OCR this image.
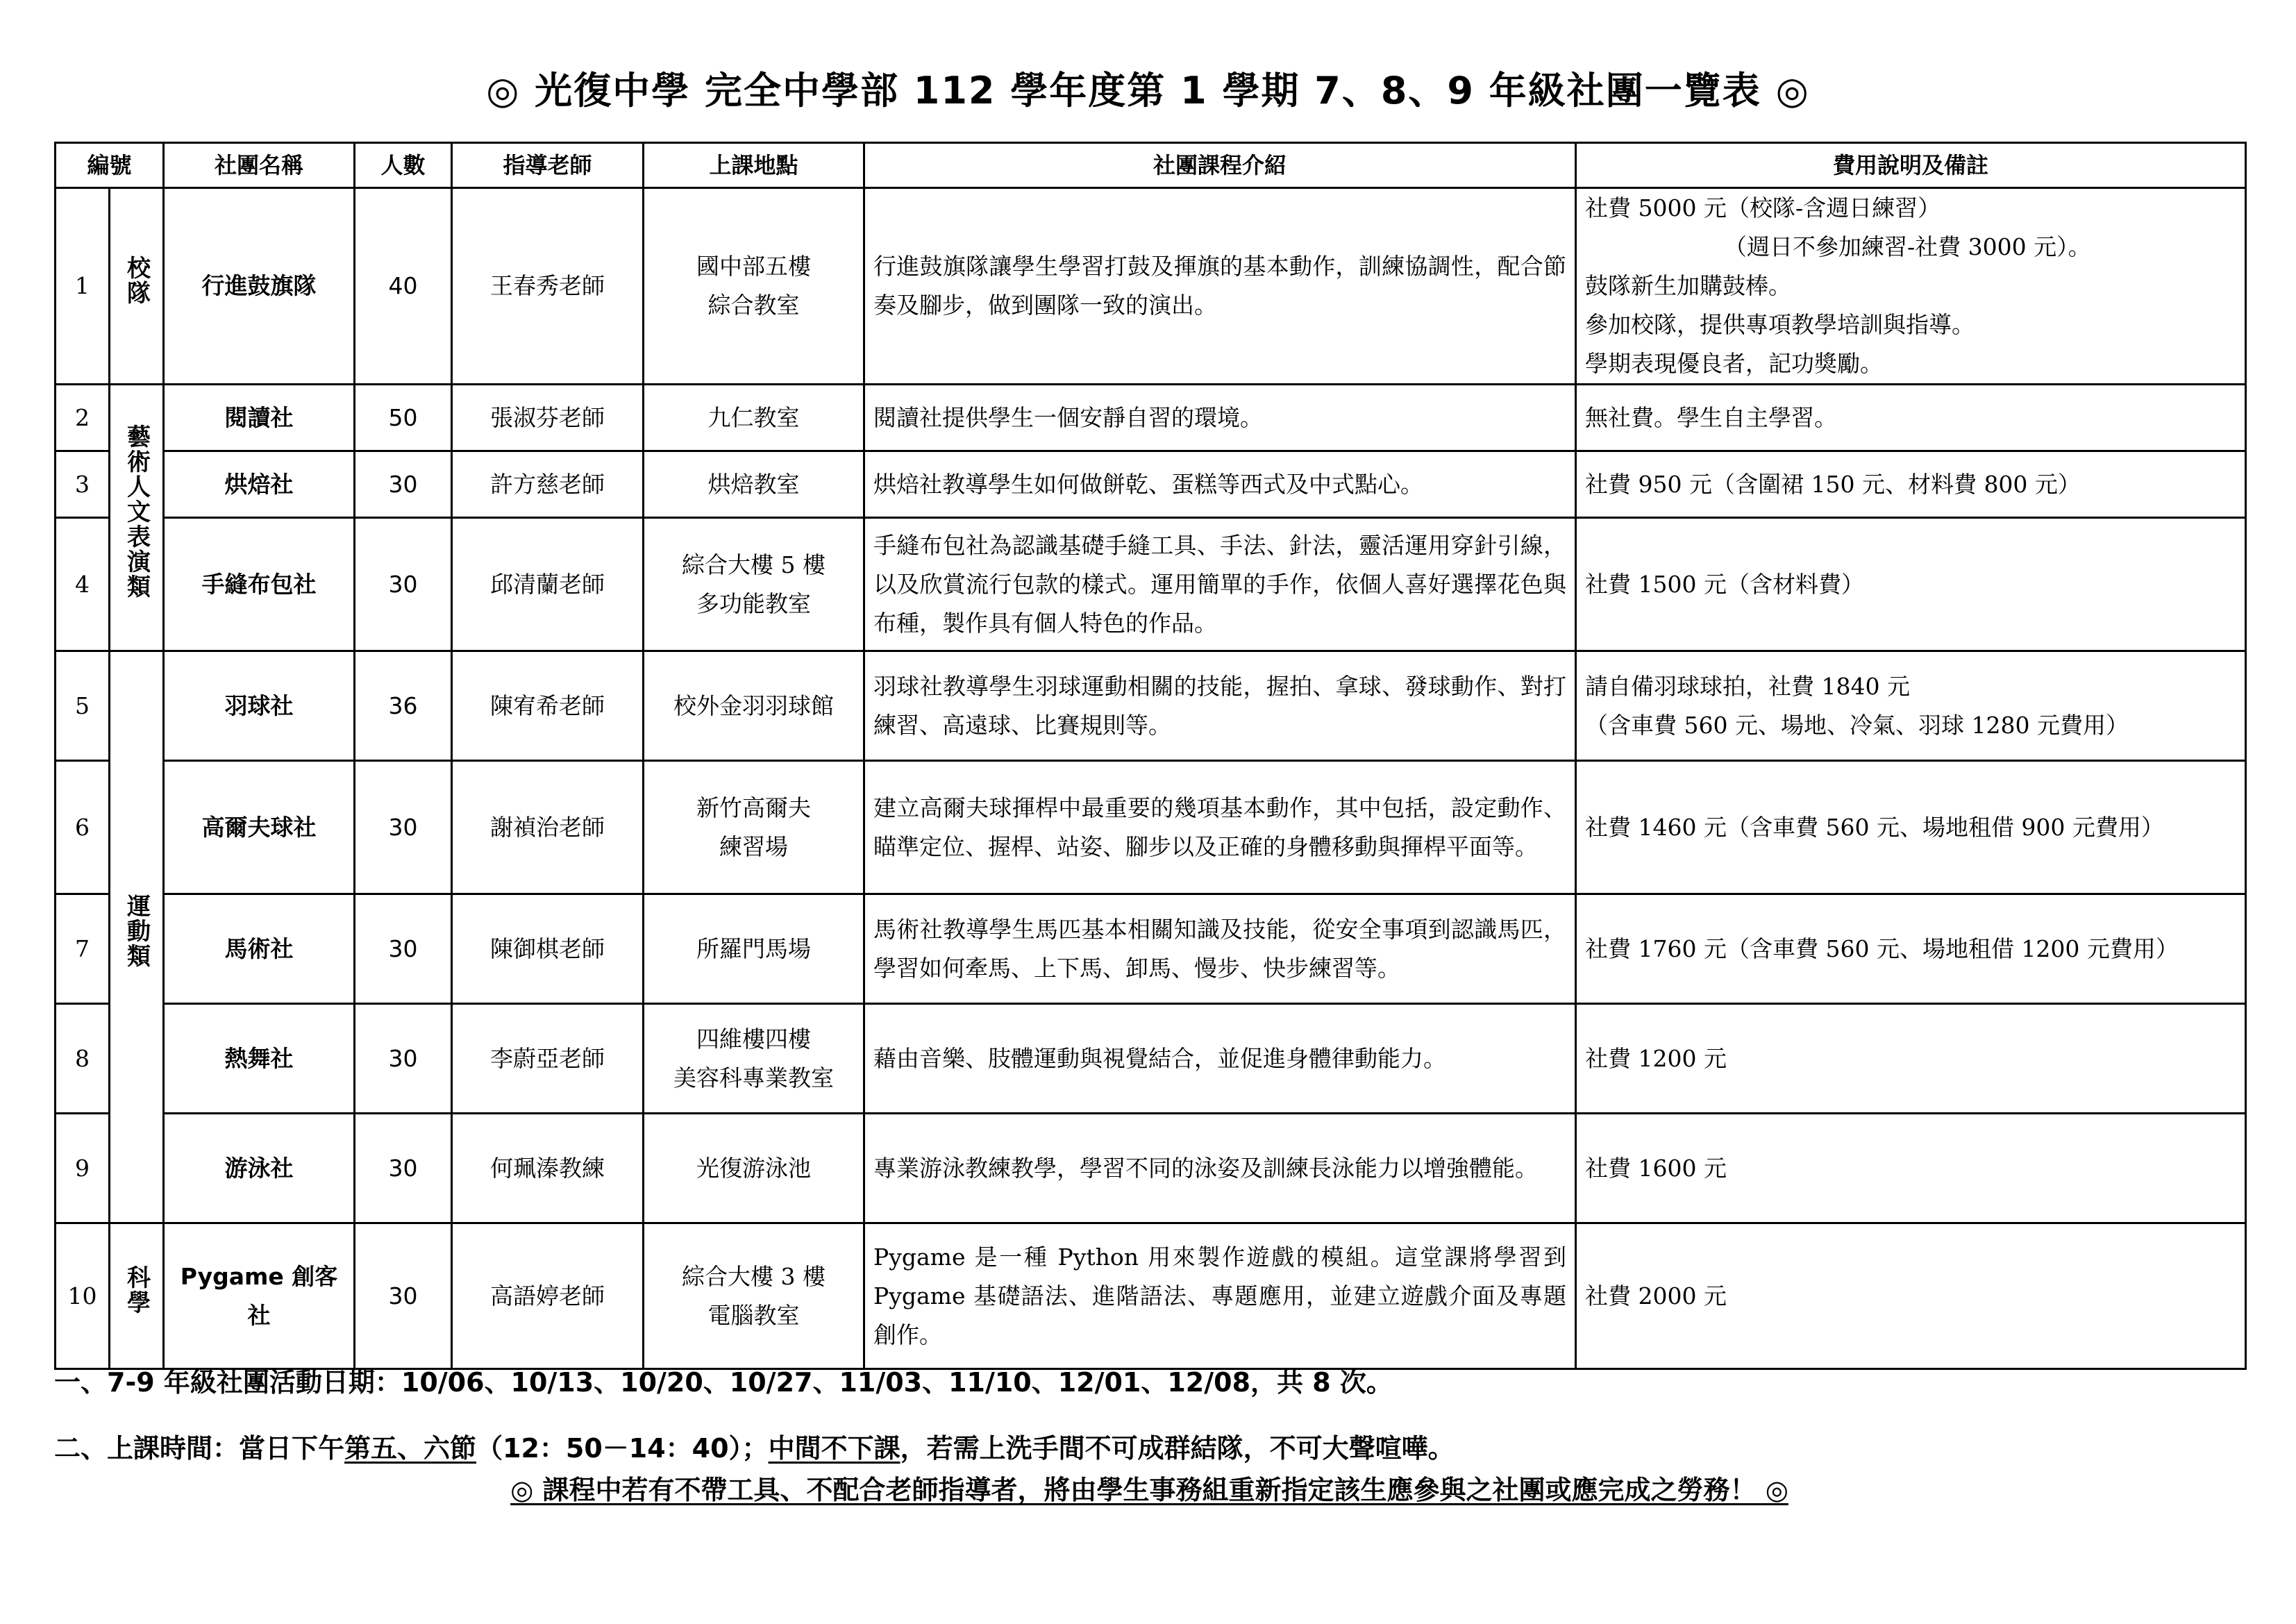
◎ 光復中學 完全中學部 112 學年度第 1 學期 7、8、9 年級社團一覽表 ◎
編號		社團名稱	人數	指導老師	上課地點	社團課程介紹	費用說明及備註
1	校隊	行進鼓旗隊	40	王春秀老師	國中部五樓
綜合教室	行進鼓旗隊讓學生學習打鼓及揮旗的基本動作，訓練協調性，配合節奏及腳步，做到團隊一致的演出。	社費 5000 元（校隊-含週日練習）
（週日不參加練習-社費 3000 元）。
鼓隊新生加購鼓棒。
參加校隊，提供專項教學培訓與指導。
學期表現優良者，記功獎勵。

2	藝術人文表演類	閱讀社	50	張淑芬老師	九仁教室	閱讀社提供學生一個安靜自習的環境。	無社費。學生自主學習。

3		烘焙社	30	許方慈老師	烘焙教室	烘焙社教導學生如何做餅乾、蛋糕等西式及中式點心。	社費 950 元（含圍裙 150 元、材料費 800 元）

4		手縫布包社	30	邱清蘭老師	綜合大樓 5 樓
多功能教室	手縫布包社為認識基礎手縫工具、手法、針法，靈活運用穿針引線，以及欣賞流行包款的樣式。運用簡單的手作，依個人喜好選擇花色與布種，製作具有個人特色的作品。	社費 1500 元（含材料費）

5	運動類	羽球社	36	陳宥希老師	校外金羽羽球館	羽球社教導學生羽球運動相關的技能，握拍、拿球、發球動作、對打練習、高遠球、比賽規則等。	請自備羽球球拍，社費 1840 元
（含車費 560 元、場地、冷氣、羽球 1280 元費用）

6		高爾夫球社	30	謝禎治老師	新竹高爾夫
練習場	建立高爾夫球揮桿中最重要的幾項基本動作，其中包括，設定動作、瞄準定位、握桿、站姿、腳步以及正確的身體移動與揮桿平面等。	社費 1460 元（含車費 560 元、場地租借 900 元費用）

7		馬術社	30	陳御棋老師	所羅門馬場	馬術社教導學生馬匹基本相關知識及技能，從安全事項到認識馬匹，學習如何牽馬、上下馬、卸馬、慢步、快步練習等。	社費 1760 元（含車費 560 元、場地租借 1200 元費用）

8		熱舞社	30	李蔚亞老師	四維樓四樓
美容科專業教室	藉由音樂、肢體運動與視覺結合，並促進身體律動能力。	社費 1200 元

9		游泳社	30	何珮溱教練	光復游泳池	專業游泳教練教學，學習不同的泳姿及訓練長泳能力以增強體能。	社費 1600 元

10	科學	Pygame 創客社	30	高語婷老師	綜合大樓 3 樓
電腦教室	Pygame 是一種 Python 用來製作遊戲的模組。這堂課將學習到 Pygame 基礎語法、進階語法、專題應用，並建立遊戲介面及專題創作。	社費 2000 元
一、7-9 年級社團活動日期：10/06、10/13、10/20、10/27、11/03、11/10、12/01、12/08，共 8 次。
二、上課時間：當日下午第五、六節（12：50－14：40）；中間不下課，若需上洗手間不可成群結隊，不可大聲喧嘩。
◎ 課程中若有不帶工具、不配合老師指導者，將由學生事務組重新指定該生應參與之社團或應完成之勞務！ ◎
